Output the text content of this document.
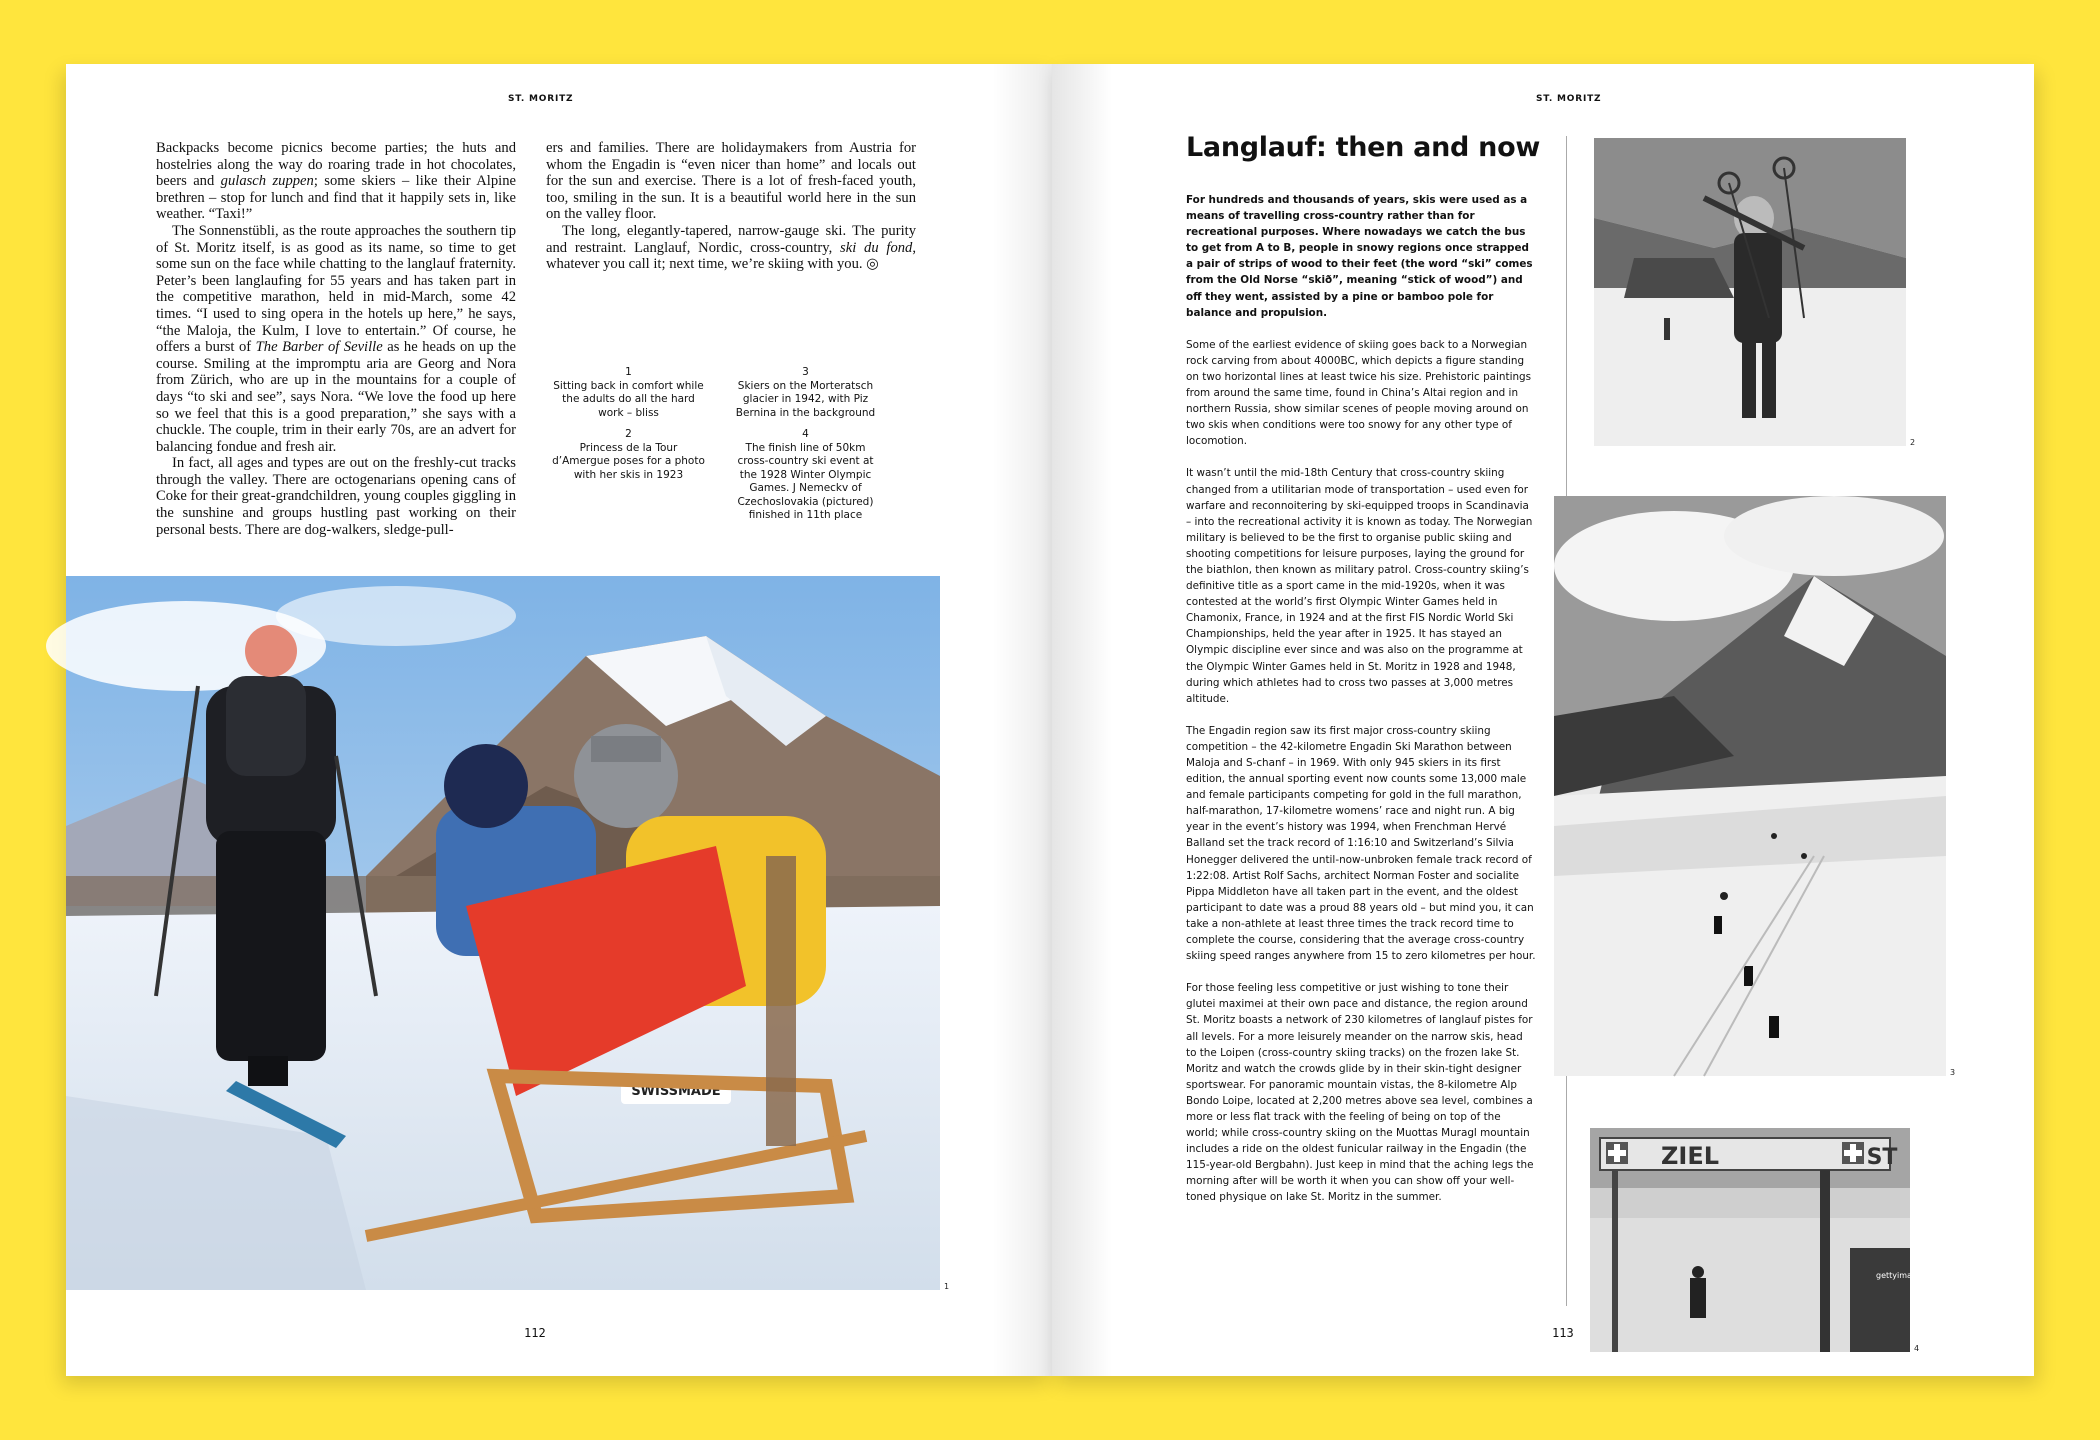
ST. MORITZ

Backpacks become picnics become parties; the huts and hostelries along the way do roaring trade in hot chocolates, beers and gulasch zuppen; some skiers – like their Alpine brethren – stop for lunch and find that it happily sets in, like weather. “Taxi!”

The Sonnenstübli, as the route approaches the southern tip of St. Moritz itself, is as good as its name, so time to get some sun on the face while chatting to the langlauf fraternity. Peter’s been langlaufing for 55 years and has taken part in the competitive marathon, held in mid-March, some 42 times. “I used to sing opera in the hotels up here,” he says, “the Maloja, the Kulm, I love to entertain.” Of course, he offers a burst of The Barber of Seville as he heads on up the course. Smiling at the impromptu aria are Georg and Nora from Zürich, who are up in the mountains for a couple of days “to ski and see”, says Nora. “We love the food up here so we feel that this is a good preparation,” she says with a chuckle. The couple, trim in their early 70s, are an advert for balancing fondue and fresh air.

In fact, all ages and types are out on the freshly-cut tracks through the valley. There are octogenarians opening cans of Coke for their great-grandchildren, young couples giggling in the sunshine and groups hustling past working on their personal bests. There are dog-walkers, sledge-pull-

ers and families. There are holidaymakers from Austria for whom the Engadin is “even nicer than home” and locals out for the sun and exercise. There is a lot of fresh-faced youth, too, smiling in the sun. It is a beautiful world here in the sun on the valley floor.

The long, elegantly-tapered, narrow-gauge ski. The purity and restraint. Langlauf, Nordic, cross-country, ski du fond, whatever you call it; next time, we’re skiing with you. ◎

1
Sitting back in comfort while the adults do all the hard work – bliss
3
Skiers on the Morteratsch glacier in 1942, with Piz Bernina in the background
2
Princess de la Tour d’Amergue poses for a photo with her skis in 1923
4
The finish line of 50km cross-country ski event at the 1928 Winter Olympic Games. J Nemeckv of Czechoslovakia (pictured) finished in 11th place
SWISSMADE
1
112
ST. MORITZ
Langlauf: then and now

For hundreds and thousands of years, skis were used as a means of travelling cross-country rather than for recreational purposes. Where nowadays we catch the bus to get from A to B, people in snowy regions once strapped a pair of strips of wood to their feet (the word “ski” comes from the Old Norse “skið”, meaning “stick of wood”) and off they went, assisted by a pine or bamboo pole for balance and propulsion.

Some of the earliest evidence of skiing goes back to a Norwegian rock carving from about 4000BC, which depicts a figure standing on two horizontal lines at least twice his size. Prehistoric paintings from around the same time, found in China’s Altai region and in northern Russia, show similar scenes of people moving around on two skis when conditions were too snowy for any other type of locomotion.

It wasn’t until the mid-18th Century that cross-country skiing changed from a utilitarian mode of transportation – used even for warfare and reconnoitering by ski-equipped troops in Scandinavia – into the recreational activity it is known as today. The Norwegian military is believed to be the first to organise public skiing and shooting competitions for leisure purposes, laying the ground for the biathlon, then known as military patrol. Cross-country skiing’s definitive title as a sport came in the mid-1920s, when it was contested at the world’s first Olympic Winter Games held in Chamonix, France, in 1924 and at the first FIS Nordic World Ski Championships, held the year after in 1925. It has stayed an Olympic discipline ever since and was also on the programme at the Olympic Winter Games held in St. Moritz in 1928 and 1948, during which athletes had to cross two passes at 3,000 metres altitude.

The Engadin region saw its first major cross-country skiing competition – the 42-kilometre Engadin Ski Marathon between Maloja and S-chanf – in 1969. With only 945 skiers in its first edition, the annual sporting event now counts some 13,000 male and female participants competing for gold in the full marathon, half-marathon, 17-kilometre womens’ race and night run. A big year in the event’s history was 1994, when Frenchman Hervé Balland set the track record of 1:16:10 and Switzerland’s Silvia Honegger delivered the until-now-unbroken female track record of 1:22:08. Artist Rolf Sachs, architect Norman Foster and socialite Pippa Middleton have all taken part in the event, and the oldest participant to date was a proud 88 years old – but mind you, it can take a non-athlete at least three times the track record time to complete the course, considering that the average cross-country skiing speed ranges anywhere from 15 to zero kilometres per hour.

For those feeling less competitive or just wishing to tone their glutei maximei at their own pace and distance, the region around St. Moritz boasts a network of 230 kilometres of langlauf pistes for all levels. For a more leisurely meander on the narrow skis, head to the Loipen (cross-country skiing tracks) on the frozen lake St. Moritz and watch the crowds glide by in their skin-tight designer sportswear. For panoramic mountain vistas, the 8-kilometre Alp Bondo Loipe, located at 2,200 metres above sea level, combines a more or less flat track with the feeling of being on top of the world; while cross-country skiing on the Muottas Muragl mountain includes a ride on the oldest funicular railway in the Engadin (the 115-year-old Bergbahn). Just keep in mind that the aching legs the morning after will be worth it when you can show off your well-toned physique on lake St. Moritz in the summer.

2
3
ZIEL	ST
gettyimages
4
113
